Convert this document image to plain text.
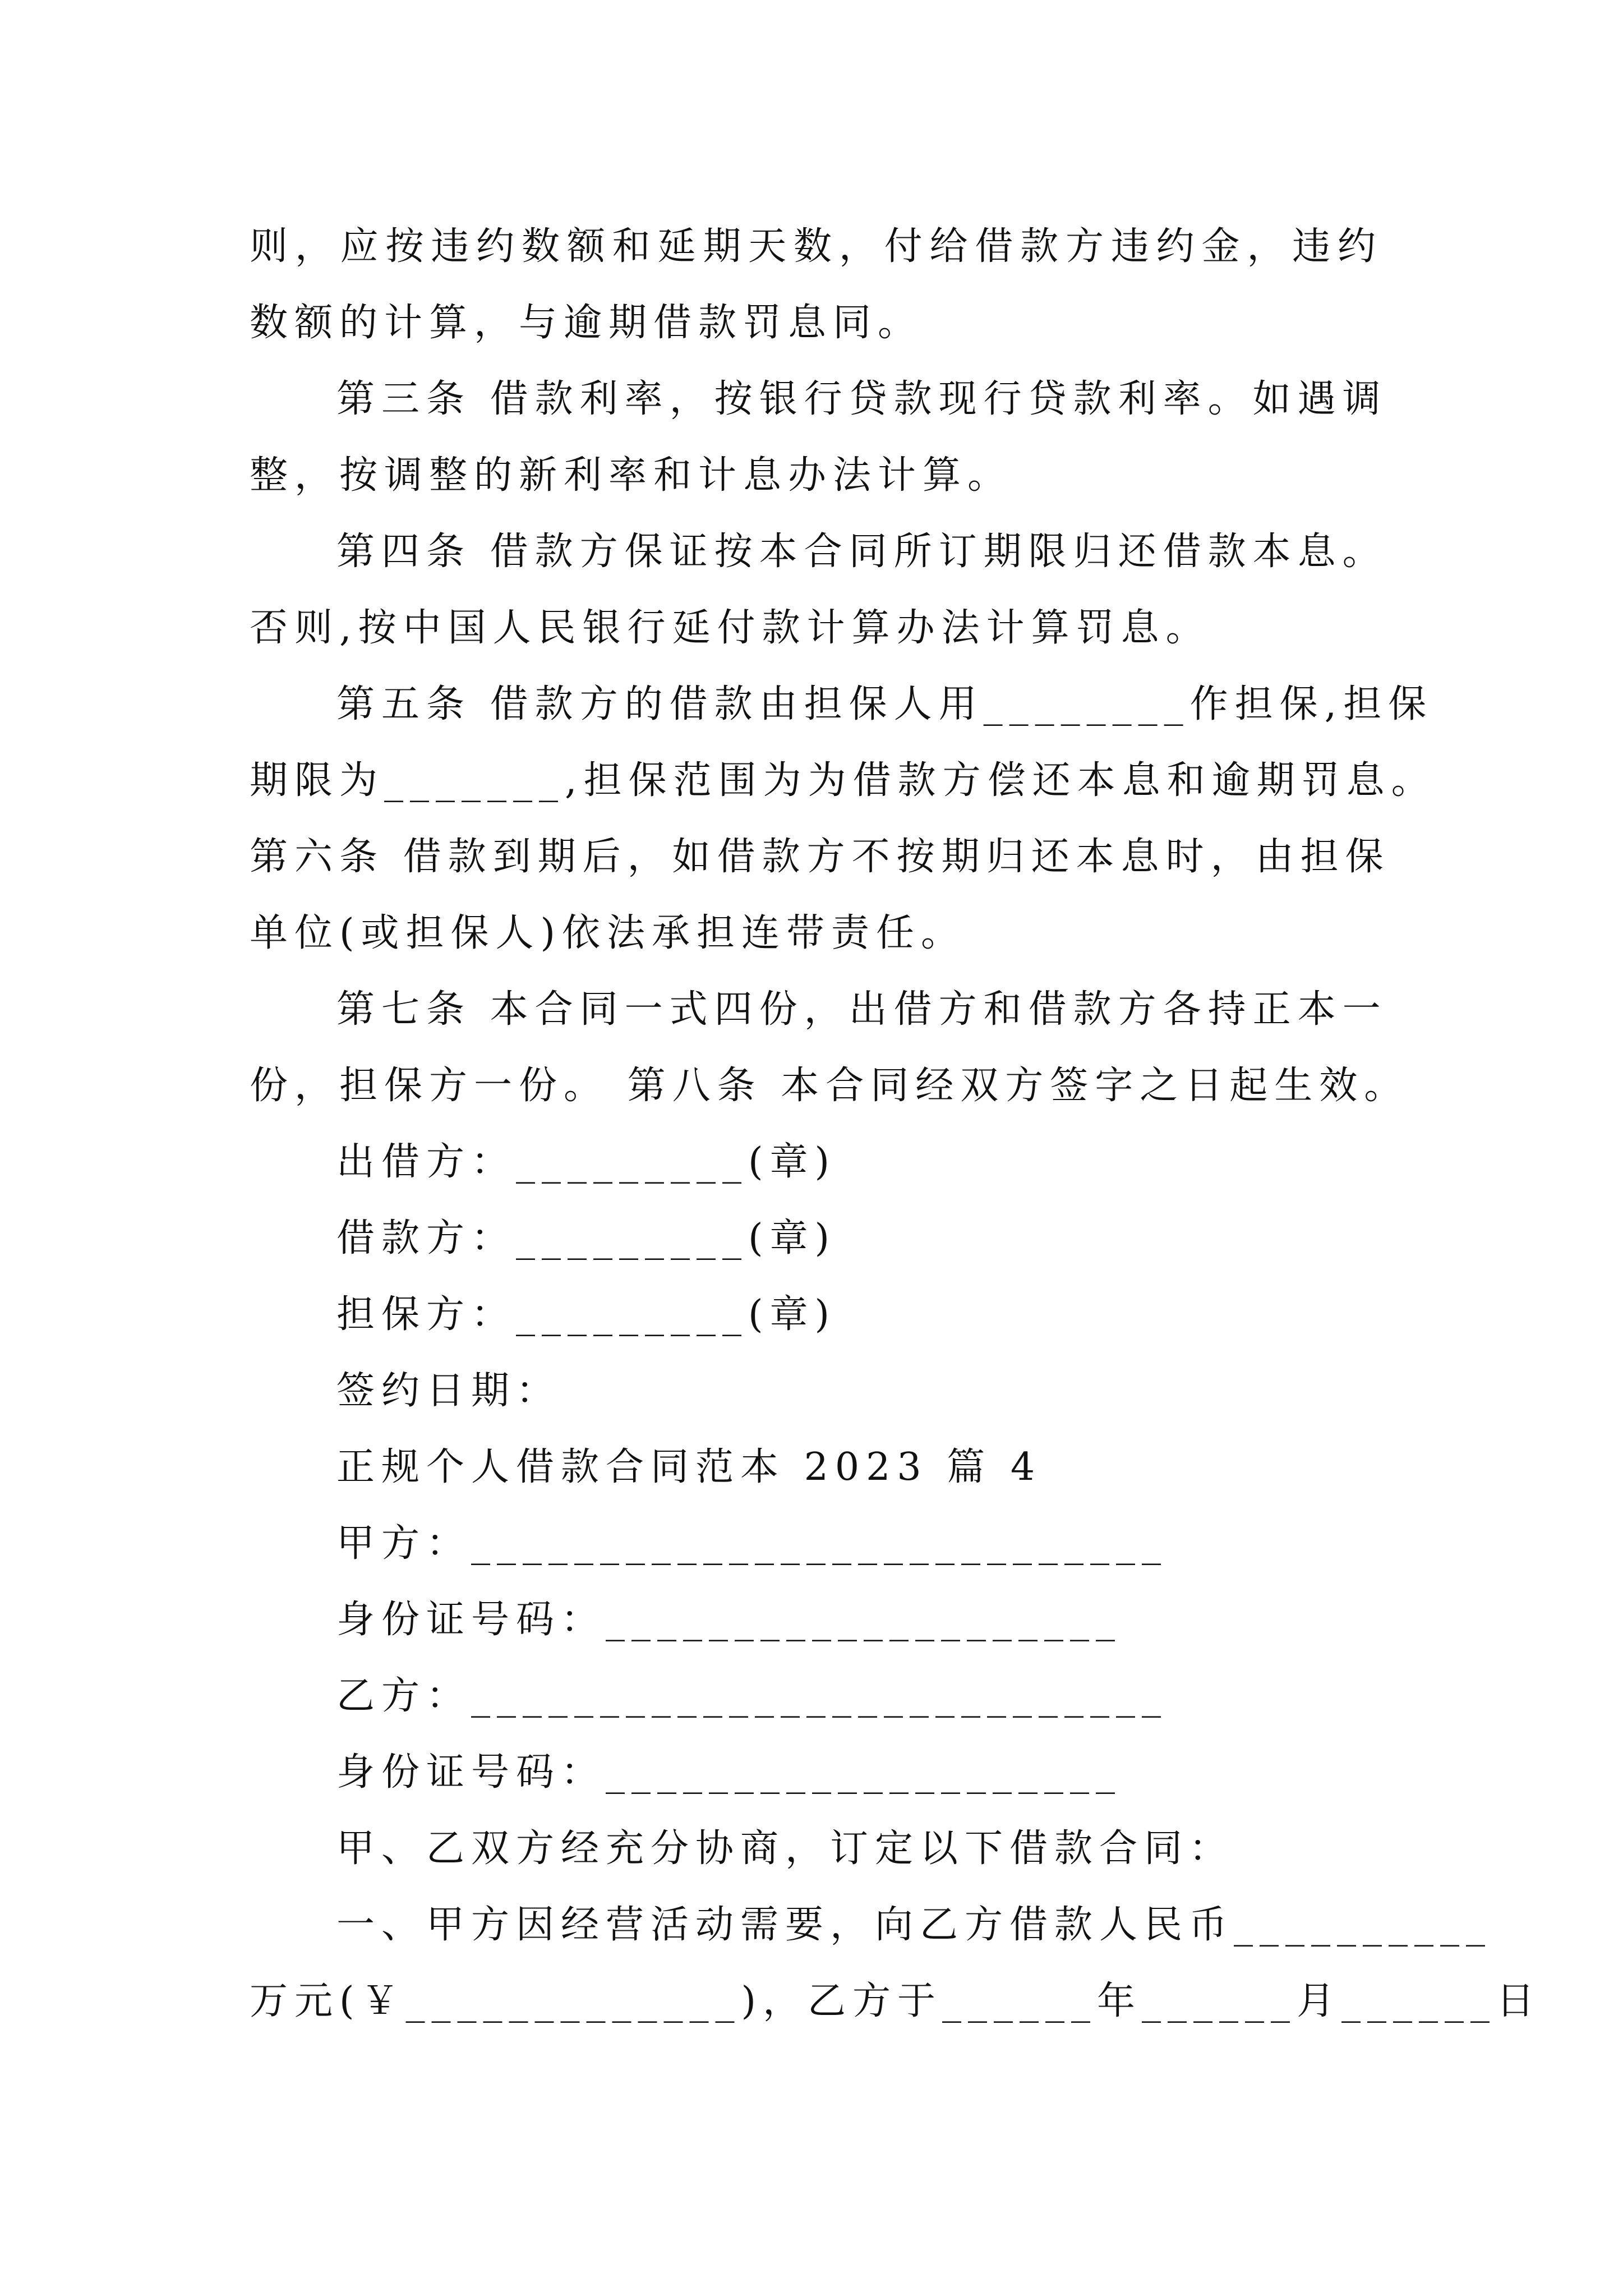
则，应按违约数额和延期天数，付给借款方违约金，违约
数额的计算，与逾期借款罚息同。
第三条 借款利率，按银行贷款现行贷款利率。如遇调
整，按调整的新利率和计息办法计算。
第四条 借款方保证按本合同所订期限归还借款本息。
否则,按中国人民银行延付款计算办法计算罚息。
第五条 借款方的借款由担保人用________作担保,担保
期限为_______,担保范围为为借款方偿还本息和逾期罚息。
第六条 借款到期后，如借款方不按期归还本息时，由担保
单位(或担保人)依法承担连带责任。
第七条 本合同一式四份，出借方和借款方各持正本一
份，担保方一份。 第八条 本合同经双方签字之日起生效。
出借方：_________(章)
借款方：_________(章)
担保方：_________(章)
签约日期：
正规个人借款合同范本 2023 篇 4
甲方：___________________________
身份证号码：____________________
乙方：___________________________
身份证号码：____________________
甲、乙双方经充分协商，订定以下借款合同：
一、甲方因经营活动需要，向乙方借款人民币__________
万元(￥_____________)，乙方于______年______月______日
